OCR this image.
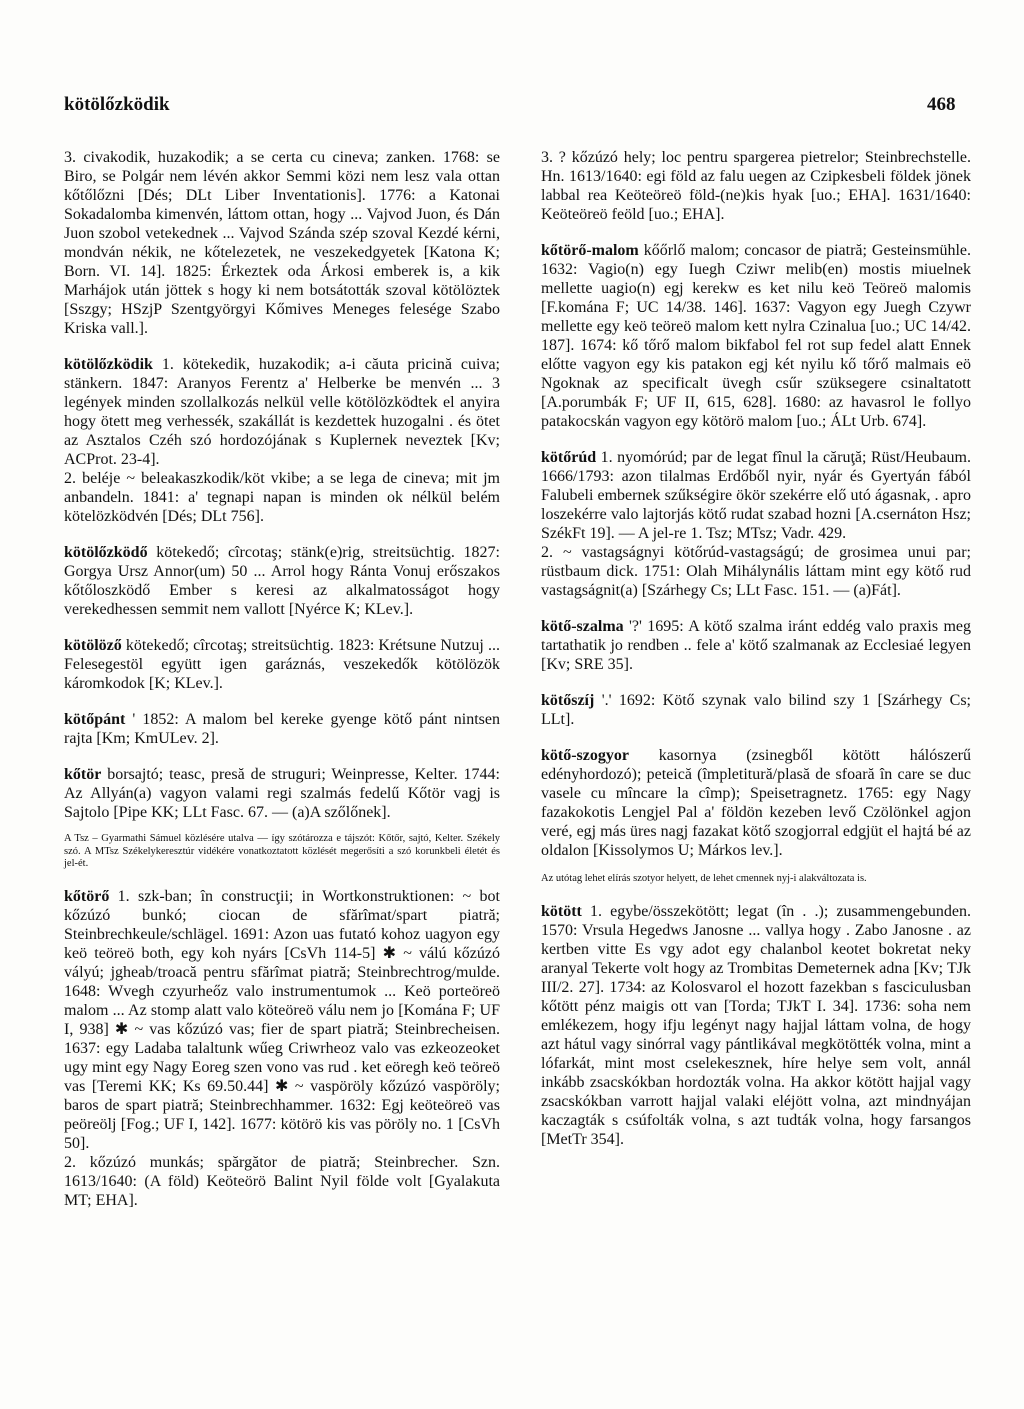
kötölőzködik	468

3. civakodik, huzakodik; a se certa cu cineva; zanken. 1768: se Biro, se Polgár nem lévén akkor Semmi közi nem lesz vala ottan kőtőlőzni [Dés; DLt Liber Inventationis]. 1776: a Katonai Sokadalomba kimenvén, láttom ottan, hogy ... Vajvod Juon, és Dán Juon szobol vetekednek ... Vajvod Szánda szép szoval Kezdé kérni, mondván nékik, ne kőtelezetek, ne veszekedgyetek [Katona K; Born. VI. 14]. 1825: Érkeztek oda Árkosi emberek is, a kik Marhájok után jöttek s hogy ki nem botsátották szoval kötölöztek [Sszgy; HSzjP Szentgyörgyi Kőmives Meneges felesége Szabo Kriska vall.].

kötölőzködik 1. kötekedik, huzakodik; a-i căuta pricină cuiva; stänkern. 1847: Aranyos Ferentz a' Helberke be menvén ... 3 legények minden szollalkozás nelkül velle kötölözködtek el anyira hogy ötett meg verhessék, szakállát is kezdettek huzogalni . és ötet az Asztalos Czéh szó hordozójának s Kuplernek neveztek [Kv; ACProt. 23-4].
2. beléje ~ beleakaszkodik/köt vkibe; a se lega de cineva; mit jm anbandeln. 1841: a' tegnapi napan is minden ok nélkül belém kötelözködvén [Dés; DLt 756].

kötölőzködő kötekedő; cîrcotaş; stänk(e)rig, streitsüchtig. 1827: Gorgya Ursz Annor(um) 50 ... Arrol hogy Ránta Vonuj erőszakos kőtőloszködő Ember s keresi az alkalmatosságot hogy verekedhessen semmit nem vallott [Nyérce K; KLev.].

kötölöző kötekedő; cîrcotaş; streitsüchtig. 1823: Krétsune Nutzuj ... Felesegestöl együtt igen garáznás, veszekedők kötölözök káromkodok [K; KLev.].

kötőpánt ' 1852: A malom bel kereke gyenge kötő pánt nintsen rajta [Km; KmULev. 2].

kőtör borsajtó; teasc, presă de struguri; Weinpresse, Kelter. 1744: Az Allyán(a) vagyon valami regi szalmás fedelű Kőtör vagj is Sajtolo [Pipe KK; LLt Fasc. 67. — (a)A szőlőnek].

A Tsz – Gyarmathi Sámuel közlésére utalva — így szótározza e tájszót: Kőtőr, sajtó, Kelter. Székely szó. A MTsz Székelykeresztúr vidékére vonatkoztatott közlését megerősíti a szó korunkbeli életét és jel-ét.

kőtörő 1. szk-ban; în construcţii; in Wortkonstruktionen: ~ bot kőzúzó bunkó; ciocan de sfărîmat/spart piatră; Steinbrechkeule/schlägel. 1691: Azon uas futató kohoz uagyon egy keö teöreö both, egy koh nyárs [CsVh 114-5] ✱ ~ válú kőzúzó vályú; jgheab/troacă pentru sfărîmat piatră; Steinbrechtrog/mulde. 1648: Wvegh czyurheőz valo instrumentumok ... Keö porteöreö malom ... Az stomp alatt valo köteöreö válu nem jo [Komána F; UF I, 938] ✱ ~ vas kőzúzó vas; fier de spart piatră; Steinbrecheisen. 1637: egy Ladaba talaltunk wűeg Criwrheoz valo vas ezkeozeoket ugy mint egy Nagy Eoreg szen vono vas rud . ket eöregh keö teöreö vas [Teremi KK; Ks 69.50.44] ✱ ~ vaspöröly kőzúzó vaspöröly; baros de spart piatră; Steinbrechhammer. 1632: Egj keöteöreö vas peöreölj [Fog.; UF I, 142]. 1677: kötörö kis vas pöröly no. 1 [CsVh 50].
2. kőzúzó munkás; spărgător de piatră; Steinbrecher. Szn. 1613/1640: (A föld) Keöteörö Balint Nyil földe volt [Gyalakuta MT; EHA].

3. ? kőzúzó hely; loc pentru spargerea pietrelor; Steinbrechstelle. Hn. 1613/1640: egi föld az falu uegen az Czipkesbeli földek jönek labbal rea Keöteöreö föld-(ne)kis hyak [uo.; EHA]. 1631/1640: Keöteöreö feöld [uo.; EHA].

kőtörő-malom kőőrlő malom; concasor de piatră; Gesteinsmühle. 1632: Vagio(n) egy Iuegh Cziwr melib(en) mostis miuelnek mellette uagio(n) egj kerekw es ket nilu keö Teöreö malomis [F.komána F; UC 14/38. 146]. 1637: Vagyon egy Juegh Czywr mellette egy keö teöreö malom kett nylra Czinalua [uo.; UC 14/42. 187]. 1674: kő tőrő malom bikfabol fel rot sup fedel alatt Ennek előtte vagyon egy kis patakon egj két nyilu kő tőrő malmais eö Ngoknak az specificalt üvegh csűr szüksegere csinaltatott [A.porumbák F; UF II, 615, 628]. 1680: az havasrol le follyo patakocskán vagyon egy kötörö malom [uo.; ÁLt Urb. 674].

kötőrúd 1. nyomórúd; par de legat fînul la căruţă; Rüst/Heubaum. 1666/1793: azon tilalmas Erdőből nyir, nyár és Gyertyán fából Falubeli embernek szűkségire ökör szekérre elő utó ágasnak, . apro loszekérre valo lajtorjás kötő rudat szabad hozni [A.csernáton Hsz; SzékFt 19]. — A jel-re 1. Tsz; MTsz; Vadr. 429.
2. ~ vastagságnyi kötőrúd-vastagságú; de grosimea unui par; rüstbaum dick. 1751: Olah Mihálynális láttam mint egy kötő rud vastagságnit(a) [Szárhegy Cs; LLt Fasc. 151. — (a)Fát].

kötő-szalma '?' 1695: A kötő szalma iránt eddég valo praxis meg tartathatik jo rendben .. fele a' kötő szalmanak az Ecclesiaé legyen [Kv; SRE 35].

kötőszíj '.' 1692: Kötő szynak valo bilind szy 1 [Szárhegy Cs; LLt].

kötő-szogyor kasornya (zsinegből kötött hálószerű edényhordozó); peteică (împletitură/plasă de sfoară în care se duc vasele cu mîncare la cîmp); Speisetragnetz. 1765: egy Nagy fazakokotis Lengjel Pal a' földön kezeben levő Czölönkel agjon veré, egj más üres nagj fazakat kötő szogjorral edgjüt el hajtá bé az oldalon [Kissolymos U; Márkos lev.].

Az utótag lehet elírás szotyor helyett, de lehet cmennek nyj-i alakváltozata is.

kötött 1. egybe/összekötött; legat (în . .); zusammengebunden. 1570: Vrsula Hegedws Janosne ... vallya hogy . Zabo Janosne . az kertben vitte Es vgy adot egy chalanbol keotet bokretat neky aranyal Tekerte volt hogy az Trombitas Demeternek adna [Kv; TJk III/2. 27]. 1734: az Kolosvarol el hozott fazekban s fasciculusban kőtött pénz maigis ott van [Torda; TJkT I. 34]. 1736: soha nem emlékezem, hogy ifju legényt nagy hajjal láttam volna, de hogy azt hátul vagy sinórral vagy pántlikával megkötötték volna, mint a lófarkát, mint most cselekesznek, híre helye sem volt, annál inkább zsacskókban hordozták volna. Ha akkor kötött hajjal vagy zsacskókban varrott hajjal valaki eléjött volna, azt mindnyájan kaczagták s csúfolták volna, s azt tudták volna, hogy farsangos [MetTr 354].
